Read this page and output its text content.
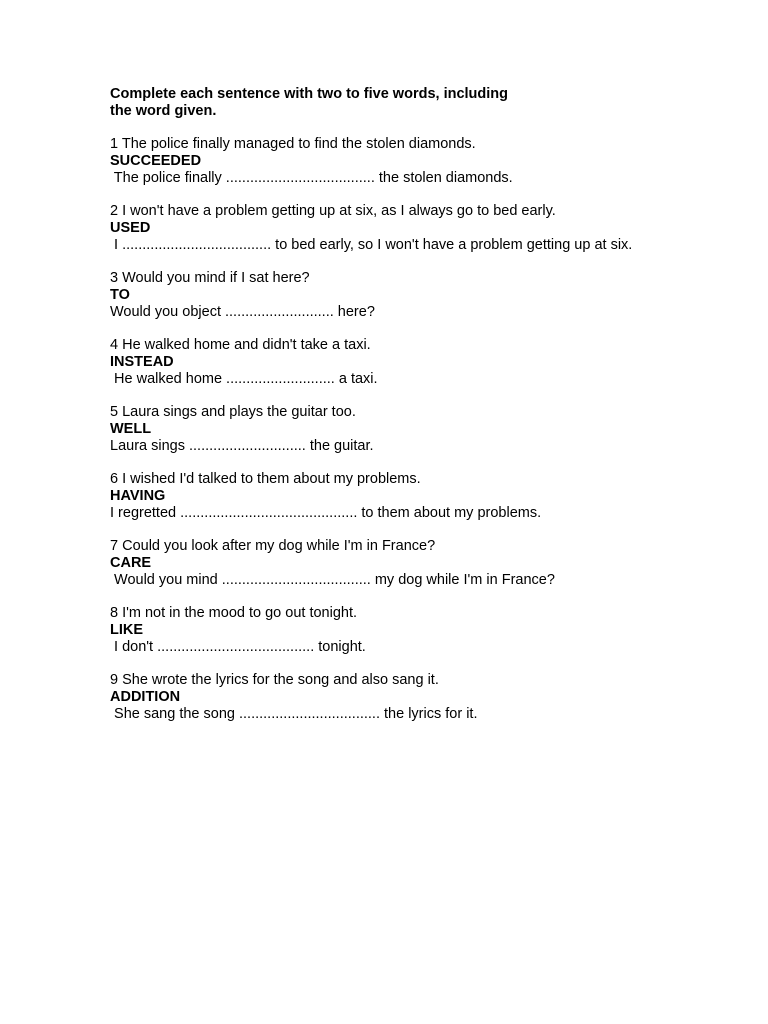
Complete each sentence with two to five words, including
the word given.
1 The police finally managed to find the stolen diamonds.
SUCCEEDED
The police finally ..................................... the stolen diamonds.
2 I won't have a problem getting up at six, as I always go to bed early.
USED
I ..................................... to bed early, so I won't have a problem getting up at six.
3 Would you mind if I sat here?
TO
Would you object ........................... here?
4 He walked home and didn't take a taxi.
INSTEAD
He walked home ........................... a taxi.
5 Laura sings and plays the guitar too.
WELL
Laura sings ............................. the guitar.
6 I wished I'd talked to them about my problems.
HAVING
I regretted ............................................ to them about my problems.
7 Could you look after my dog while I'm in France?
CARE
Would you mind ..................................... my dog while I'm in France?
8 I'm not in the mood to go out tonight.
LIKE
I don't ....................................... tonight.
9 She wrote the lyrics for the song and also sang it.
ADDITION
She sang the song ................................... the lyrics for it.
